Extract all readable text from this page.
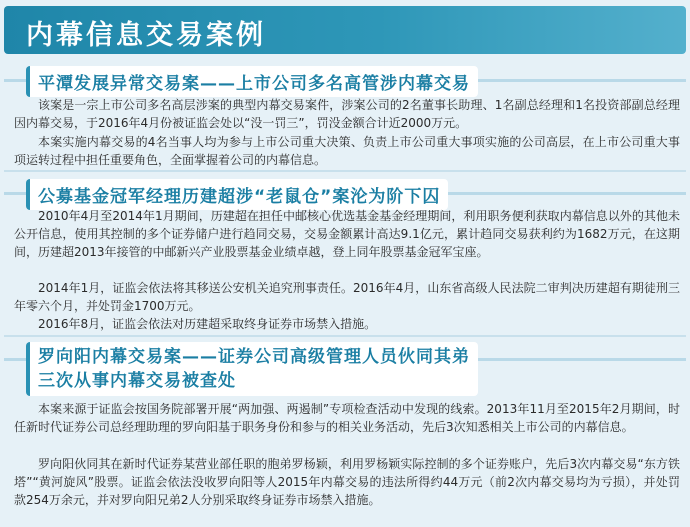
内幕信息交易案例
平潭发展异常交易案——上市公司多名高管涉内幕交易
该案是一宗上市公司多名高层涉案的典型内幕交易案件，涉案公司的2名董事长助理、1名副总经理和1名投资部副总经理因内幕交易，于2016年4月份被证监会处以“没一罚三”，罚没金额合计近2000万元。
本案实施内幕交易的4名当事人均为参与上市公司重大决策、负责上市公司重大事项实施的公司高层，在上市公司重大事项运转过程中担任重要角色，全面掌握着公司的内幕信息。
公募基金冠军经理历建超涉“老鼠仓”案沦为阶下囚
2010年4月至2014年1月期间，历建超在担任中邮核心优选基金基金经理期间，利用职务便利获取内幕信息以外的其他未公开信息，使用其控制的多个证券储户进行趋同交易，交易金额累计高达9.1亿元，累计趋同交易获利约为1682万元，在这期间，历建超2013年接管的中邮新兴产业股票基金业绩卓越，登上同年股票基金冠军宝座。
2014年1月，证监会依法将其移送公安机关追究刑事责任。2016年4月，山东省高级人民法院二审判决历建超有期徒刑三年零六个月，并处罚金1700万元。
2016年8月，证监会依法对历建超采取终身证券市场禁入措施。
罗向阳内幕交易案——证券公司高级管理人员伙同其弟
三次从事内幕交易被查处
本案来源于证监会按国务院部署开展“两加强、两遏制”专项检查活动中发现的线索。2013年11月至2015年2月期间，时任新时代证券公司总经理助理的罗向阳基于职务身份和参与的相关业务活动，先后3次知悉相关上市公司的内幕信息。
罗向阳伙同其在新时代证券某营业部任职的胞弟罗杨颖，利用罗杨颖实际控制的多个证券账户，先后3次内幕交易“东方铁塔”“黄河旋风”股票。证监会依法没收罗向阳等人2015年内幕交易的违法所得约44万元（前2次内幕交易均为亏损），并处罚款254万余元，并对罗向阳兄弟2人分别采取终身证券市场禁入措施。
